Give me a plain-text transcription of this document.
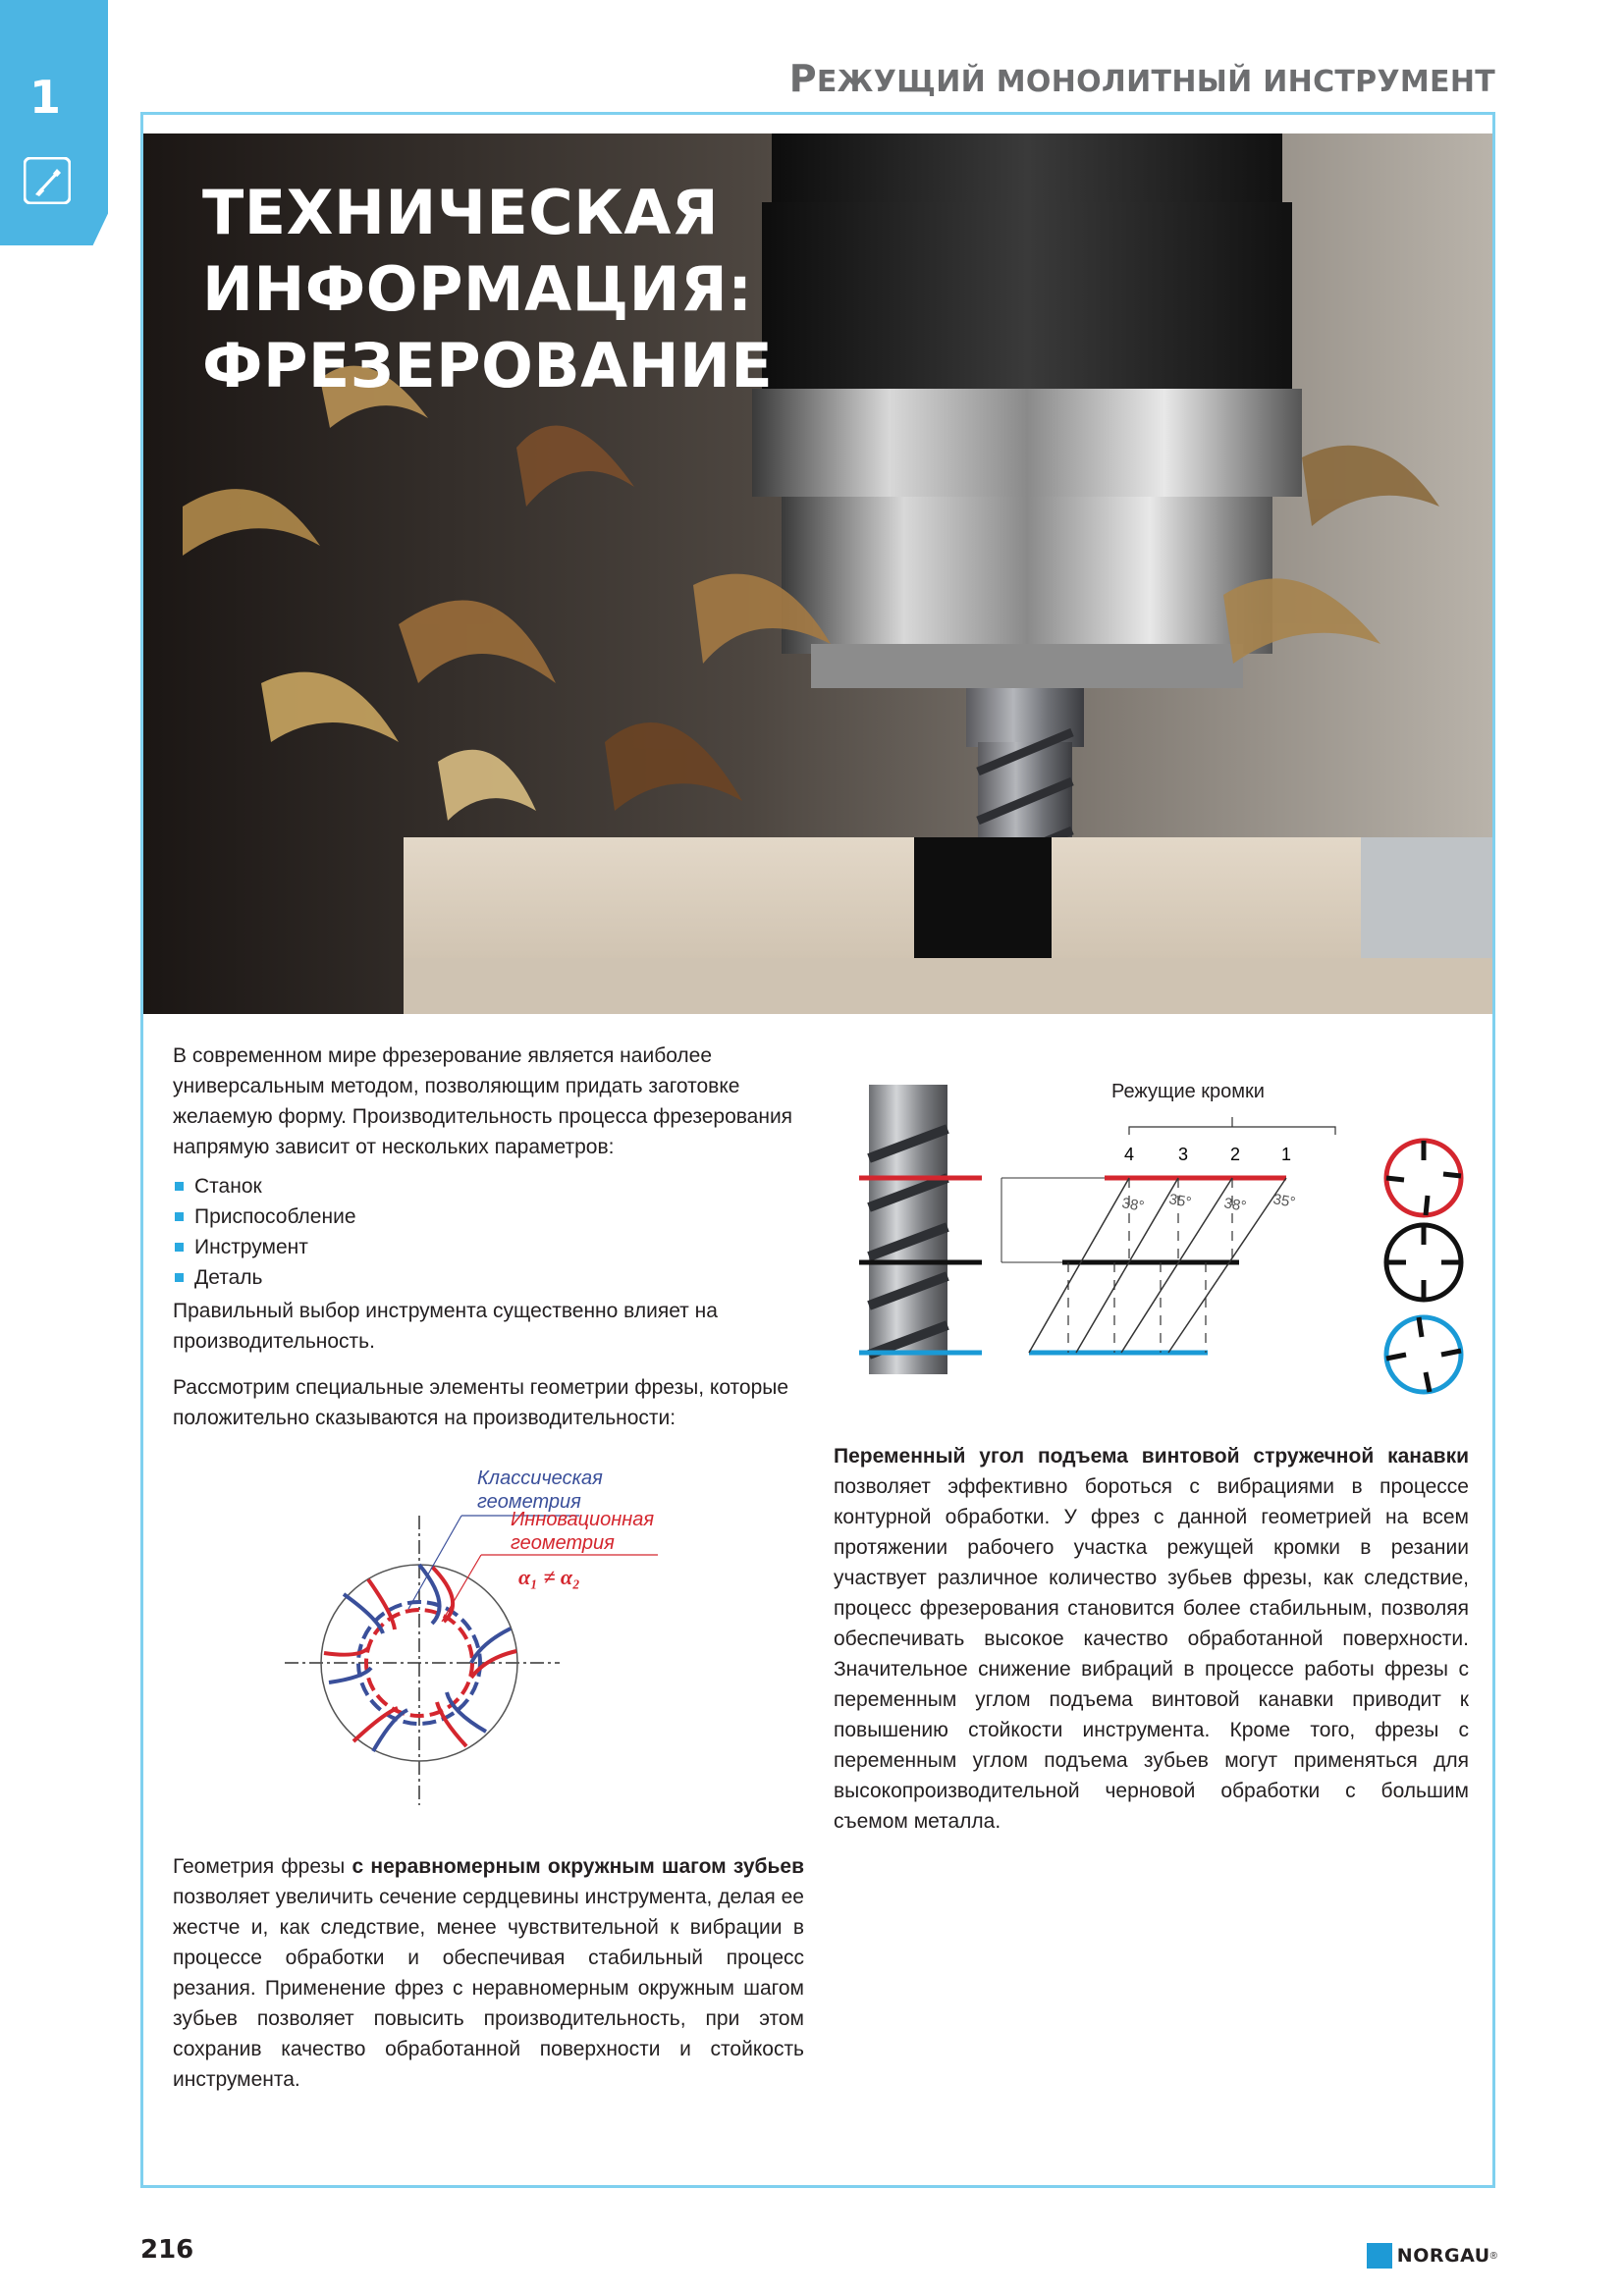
1	РЕЖУЩИЙ МОНОЛИТНЫЙ ИНСТРУМЕНТ
ТЕХНИЧЕСКАЯ
ИНФОРМАЦИЯ:
ФРЕЗЕРОВАНИЕ

В современном мире фрезерование является наиболее универсальным методом, позволяющим придать заготовке желаемую форму. Производительность процесса фрезерования напрямую зависит от нескольких параметров:

Станок
Приспособление
Инструмент
Деталь

Правильный выбор инструмента существенно влияет на производительность.

Рассмотрим специальные элементы геометрии фрезы, которые положительно сказываются на производительности:

Классическая
геометрия
Инновационная
геометрия
α₁ ≠ α₂
Режущие кромки
4 3 2 1
38° 35° 38° 35°

Переменный угол подъема винтовой стружечной канавки позволяет эффективно бороться с вибрациями в процессе контурной обработки. У фрез с данной геометрией на всем протяжении рабочего участка режущей кромки в резании участвует различное количество зубьев фрезы, как следствие, процесс фрезерования становится более стабильным, позволяя обеспечивать высокое качество обработанной поверхности. Значительное снижение вибраций в процессе работы фрезы с переменным углом подъема винтовой канавки приводит к повышению стойкости инструмента. Кроме того, фрезы с переменным углом подъема зубьев могут применяться для высокопроизводительной черновой обработки с большим съемом металла.

Геометрия фрезы с неравномерным окружным шагом зубьев позволяет увеличить сечение сердцевины инструмента, делая ее жестче и, как следствие, менее чувствительной к вибрации в процессе обработки и обеспечивая стабильный процесс резания. Применение фрез с неравномерным окружным шагом зубьев позволяет повысить производительность, при этом сохранив качество обработанной поверхности и стойкость инструмента.

216	NORGAU ®
